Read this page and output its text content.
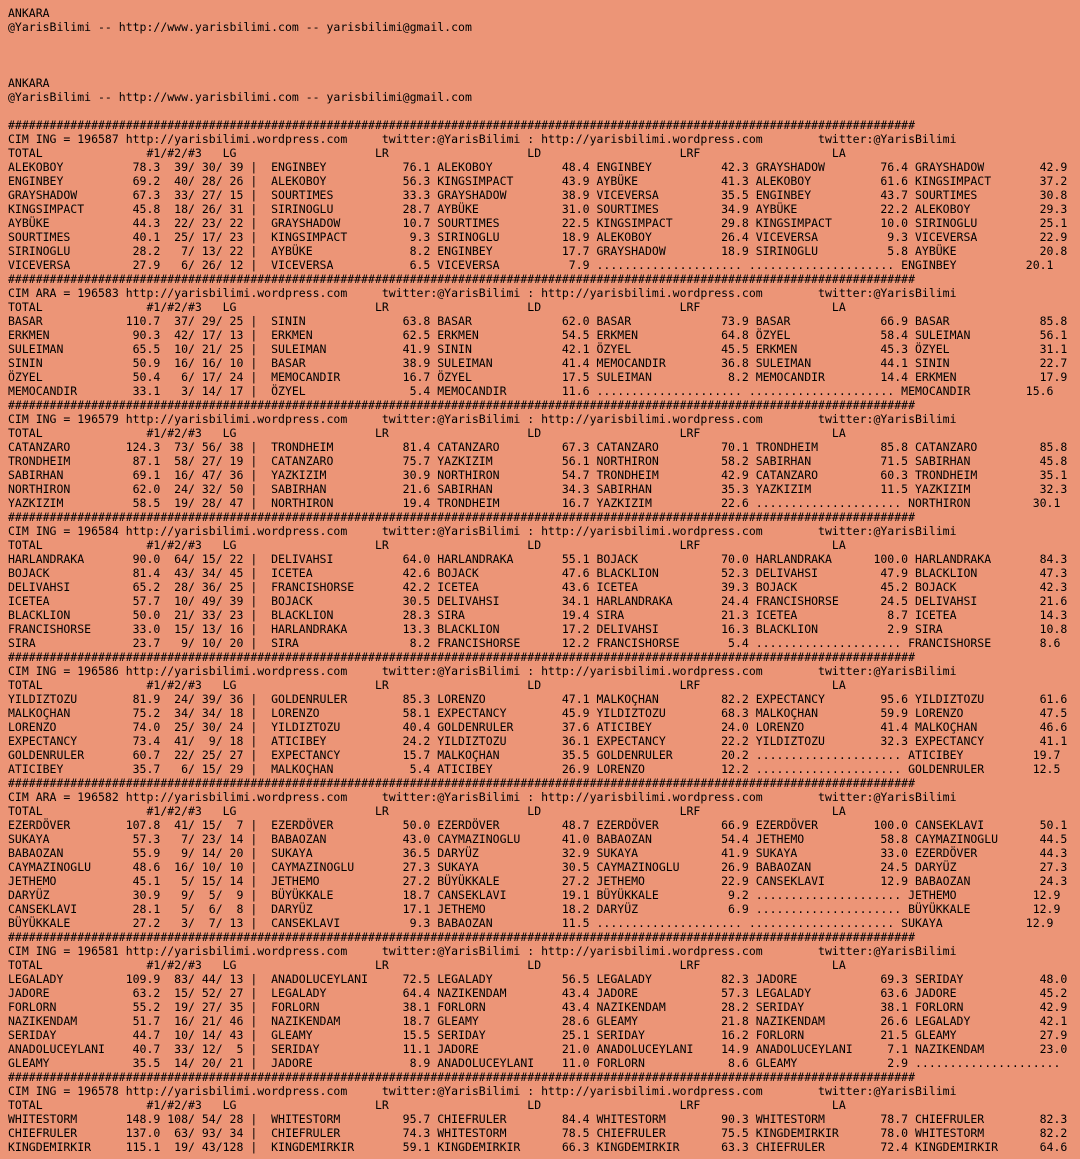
ANKARA
@YarisBilimi -- http://www.yarisbilimi.com -- yarisbilimi@gmail.com
ANKARA
@YarisBilimi -- http://www.yarisbilimi.com -- yarisbilimi@gmail.com
###################################################################################################################################
CIM ING = 196587 http://yarisbilimi.wordpress.com     twitter:@YarisBilimi : http://yarisbilimi.wordpress.com        twitter:@YarisBilimi
TOTAL               #1/#2/#3   LG                    LR                    LD                    LRF                   LA
ALEKOBOY          78.3  39/ 30/ 39 |  ENGINBEY           76.1 ALEKOBOY          48.4 ENGINBEY          42.3 GRAYSHADOW        76.4 GRAYSHADOW        42.9
ENGINBEY          69.2  40/ 28/ 26 |  ALEKOBOY           56.3 KINGSIMPACT       43.9 AYBÜKE            41.3 ALEKOBOY          61.6 KINGSIMPACT       37.2
GRAYSHADOW        67.3  33/ 27/ 15 |  SOURTIMES          33.3 GRAYSHADOW        38.9 VICEVERSA         35.5 ENGINBEY          43.7 SOURTIMES         30.8
KINGSIMPACT       45.8  18/ 26/ 31 |  SIRINOGLU          28.7 AYBÜKE            31.0 SOURTIMES         34.9 AYBÜKE            22.2 ALEKOBOY          29.3
AYBÜKE            44.3  22/ 23/ 22 |  GRAYSHADOW         10.7 SOURTIMES         22.5 KINGSIMPACT       29.8 KINGSIMPACT       10.0 SIRINOGLU         25.1
SOURTIMES         40.1  25/ 17/ 23 |  KINGSIMPACT         9.3 SIRINOGLU         18.9 ALEKOBOY          26.4 VICEVERSA          9.3 VICEVERSA         22.9
SIRINOGLU         28.2   7/ 13/ 22 |  AYBÜKE              8.2 ENGINBEY          17.7 GRAYSHADOW        18.9 SIRINOGLU          5.8 AYBÜKE            20.8
VICEVERSA         27.9   6/ 26/ 12 |  VICEVERSA           6.5 VICEVERSA          7.9 ..................... ..................... ENGINBEY          20.1
###################################################################################################################################
CIM ARA = 196583 http://yarisbilimi.wordpress.com     twitter:@YarisBilimi : http://yarisbilimi.wordpress.com        twitter:@YarisBilimi
TOTAL               #1/#2/#3   LG                    LR                    LD                    LRF                   LA
BASAR            110.7  37/ 29/ 25 |  SININ              63.8 BASAR             62.0 BASAR             73.9 BASAR             66.9 BASAR             85.8
ERKMEN            90.3  42/ 17/ 13 |  ERKMEN             62.5 ERKMEN            54.5 ERKMEN            64.8 ÖZYEL             58.4 SULEIMAN          56.1
SULEIMAN          65.5  10/ 21/ 25 |  SULEIMAN           41.9 SININ             42.1 ÖZYEL             45.5 ERKMEN            45.3 ÖZYEL             31.1
SININ             50.9  16/ 16/ 10 |  BASAR              38.9 SULEIMAN          41.4 MEMOCANDIR        36.8 SULEIMAN          44.1 SININ             22.7
ÖZYEL             50.4   6/ 17/ 24 |  MEMOCANDIR         16.7 ÖZYEL             17.5 SULEIMAN           8.2 MEMOCANDIR        14.4 ERKMEN            17.9
MEMOCANDIR        33.1   3/ 14/ 17 |  ÖZYEL               5.4 MEMOCANDIR        11.6 ..................... ..................... MEMOCANDIR        15.6
###################################################################################################################################
CIM ING = 196579 http://yarisbilimi.wordpress.com     twitter:@YarisBilimi : http://yarisbilimi.wordpress.com        twitter:@YarisBilimi
TOTAL               #1/#2/#3   LG                    LR                    LD                    LRF                   LA
CATANZARO        124.3  73/ 56/ 38 |  TRONDHEIM          81.4 CATANZARO         67.3 CATANZARO         70.1 TRONDHEIM         85.8 CATANZARO         85.8
TRONDHEIM         87.1  58/ 27/ 19 |  CATANZARO          75.7 YAZKIZIM          56.1 NORTHIRON         58.2 SABIRHAN          71.5 SABIRHAN          45.8
SABIRHAN          69.1  16/ 47/ 36 |  YAZKIZIM           30.9 NORTHIRON         54.7 TRONDHEIM         42.9 CATANZARO         60.3 TRONDHEIM         35.1
NORTHIRON         62.0  24/ 32/ 50 |  SABIRHAN           21.6 SABIRHAN          34.3 SABIRHAN          35.3 YAZKIZIM          11.5 YAZKIZIM          32.3
YAZKIZIM          58.5  19/ 28/ 47 |  NORTHIRON          19.4 TRONDHEIM         16.7 YAZKIZIM          22.6 ..................... NORTHIRON         30.1
###################################################################################################################################
CIM ING = 196584 http://yarisbilimi.wordpress.com     twitter:@YarisBilimi : http://yarisbilimi.wordpress.com        twitter:@YarisBilimi
TOTAL               #1/#2/#3   LG                    LR                    LD                    LRF                   LA
HARLANDRAKA       90.0  64/ 15/ 22 |  DELIVAHSI          64.0 HARLANDRAKA       55.1 BOJACK            70.0 HARLANDRAKA      100.0 HARLANDRAKA       84.3
BOJACK            81.4  43/ 34/ 45 |  ICETEA             42.6 BOJACK            47.6 BLACKLION         52.3 DELIVAHSI         47.9 BLACKLION         47.3
DELIVAHSI         65.2  28/ 36/ 25 |  FRANCISHORSE       42.2 ICETEA            43.6 ICETEA            39.3 BOJACK            45.2 BOJACK            42.3
ICETEA            57.7  10/ 49/ 39 |  BOJACK             30.5 DELIVAHSI         34.1 HARLANDRAKA       24.4 FRANCISHORSE      24.5 DELIVAHSI         21.6
BLACKLION         50.0  21/ 33/ 23 |  BLACKLION          28.3 SIRA              19.4 SIRA              21.3 ICETEA             8.7 ICETEA            14.3
FRANCISHORSE      33.0  15/ 13/ 16 |  HARLANDRAKA        13.3 BLACKLION         17.2 DELIVAHSI         16.3 BLACKLION          2.9 SIRA              10.8
SIRA              23.7   9/ 10/ 20 |  SIRA                8.2 FRANCISHORSE      12.2 FRANCISHORSE       5.4 ..................... FRANCISHORSE       8.6
###################################################################################################################################
CIM ING = 196586 http://yarisbilimi.wordpress.com     twitter:@YarisBilimi : http://yarisbilimi.wordpress.com        twitter:@YarisBilimi
TOTAL               #1/#2/#3   LG                    LR                    LD                    LRF                   LA
YILDIZTOZU        81.9  24/ 39/ 36 |  GOLDENRULER        85.3 LORENZO           47.1 MALKOÇHAN         82.2 EXPECTANCY        95.6 YILDIZTOZU        61.6
MALKOÇHAN         75.2  34/ 34/ 18 |  LORENZO            58.1 EXPECTANCY        45.9 YILDIZTOZU        68.3 MALKOÇHAN         59.9 LORENZO           47.5
LORENZO           74.0  25/ 30/ 24 |  YILDIZTOZU         40.4 GOLDENRULER       37.6 ATICIBEY          24.0 LORENZO           41.4 MALKOÇHAN         46.6
EXPECTANCY        73.4  41/  9/ 18 |  ATICIBEY           24.2 YILDIZTOZU        36.1 EXPECTANCY        22.2 YILDIZTOZU        32.3 EXPECTANCY        41.1
GOLDENRULER       60.7  22/ 25/ 27 |  EXPECTANCY         15.7 MALKOÇHAN         35.5 GOLDENRULER       20.2 ..................... ATICIBEY          19.7
ATICIBEY          35.7   6/ 15/ 29 |  MALKOÇHAN           5.4 ATICIBEY          26.9 LORENZO           12.2 ..................... GOLDENRULER       12.5
###################################################################################################################################
CIM ARA = 196582 http://yarisbilimi.wordpress.com     twitter:@YarisBilimi : http://yarisbilimi.wordpress.com        twitter:@YarisBilimi
TOTAL               #1/#2/#3   LG                    LR                    LD                    LRF                   LA
EZERDÖVER        107.8  41/ 15/  7 |  EZERDÖVER          50.0 EZERDÖVER         48.7 EZERDÖVER         66.9 EZERDÖVER        100.0 CANSEKLAVI        50.1
SUKAYA            57.3   7/ 23/ 14 |  BABAOZAN           43.0 CAYMAZINOGLU      41.0 BABAOZAN          54.4 JETHEMO           58.8 CAYMAZINOGLU      44.5
BABAOZAN          55.9   9/ 14/ 20 |  SUKAYA             36.5 DARYÜZ            32.9 SUKAYA            41.9 SUKAYA            33.0 EZERDÖVER         44.3
CAYMAZINOGLU      48.6  16/ 10/ 10 |  CAYMAZINOGLU       27.3 SUKAYA            30.5 CAYMAZINOGLU      26.9 BABAOZAN          24.5 DARYÜZ            27.3
JETHEMO           45.1   5/ 15/ 14 |  JETHEMO            27.2 BÜYÜKKALE         27.2 JETHEMO           22.9 CANSEKLAVI        12.9 BABAOZAN          24.3
DARYÜZ            30.9   9/  5/  9 |  BÜYÜKKALE          18.7 CANSEKLAVI        19.1 BÜYÜKKALE          9.2 ..................... JETHEMO           12.9
CANSEKLAVI        28.1   5/  6/  8 |  DARYÜZ             17.1 JETHEMO           18.2 DARYÜZ             6.9 ..................... BÜYÜKKALE         12.9
BÜYÜKKALE         27.2   3/  7/ 13 |  CANSEKLAVI          9.3 BABAOZAN          11.5 ..................... ..................... SUKAYA            12.9
###################################################################################################################################
CIM ING = 196581 http://yarisbilimi.wordpress.com     twitter:@YarisBilimi : http://yarisbilimi.wordpress.com        twitter:@YarisBilimi
TOTAL               #1/#2/#3   LG                    LR                    LD                    LRF                   LA
LEGALADY         109.9  83/ 44/ 13 |  ANADOLUCEYLANI     72.5 LEGALADY          56.5 LEGALADY          82.3 JADORE            69.3 SERIDAY           48.0
JADORE            63.2  15/ 52/ 27 |  LEGALADY           64.4 NAZIKENDAM        43.4 JADORE            57.3 LEGALADY          63.6 JADORE            45.2
FORLORN           55.2  19/ 27/ 35 |  FORLORN            38.1 FORLORN           43.4 NAZIKENDAM        28.2 SERIDAY           38.1 FORLORN           42.9
NAZIKENDAM        51.7  16/ 21/ 46 |  NAZIKENDAM         18.7 GLEAMY            28.6 GLEAMY            21.8 NAZIKENDAM        26.6 LEGALADY          42.1
SERIDAY           44.7  10/ 14/ 43 |  GLEAMY             15.5 SERIDAY           25.1 SERIDAY           16.2 FORLORN           21.5 GLEAMY            27.9
ANADOLUCEYLANI    40.7  33/ 12/  5 |  SERIDAY            11.1 JADORE            21.0 ANADOLUCEYLANI    14.9 ANADOLUCEYLANI     7.1 NAZIKENDAM        23.0
GLEAMY            35.5  14/ 20/ 21 |  JADORE              8.9 ANADOLUCEYLANI    11.0 FORLORN            8.6 GLEAMY             2.9 .....................
###################################################################################################################################
CIM ING = 196578 http://yarisbilimi.wordpress.com     twitter:@YarisBilimi : http://yarisbilimi.wordpress.com        twitter:@YarisBilimi
TOTAL               #1/#2/#3   LG                    LR                    LD                    LRF                   LA
WHITESTORM       148.9 108/ 54/ 28 |  WHITESTORM         95.7 CHIEFRULER        84.4 WHITESTORM        90.3 WHITESTORM        78.7 CHIEFRULER        82.3
CHIEFRULER       137.0  63/ 93/ 34 |  CHIEFRULER         74.3 WHITESTORM        78.5 CHIEFRULER        75.5 KINGDEMIRKIR      78.0 WHITESTORM        82.2
KINGDEMIRKIR     115.1  19/ 43/128 |  KINGDEMIRKIR       59.1 KINGDEMIRKIR      66.3 KINGDEMIRKIR      63.3 CHIEFRULER        72.4 KINGDEMIRKIR      64.6
